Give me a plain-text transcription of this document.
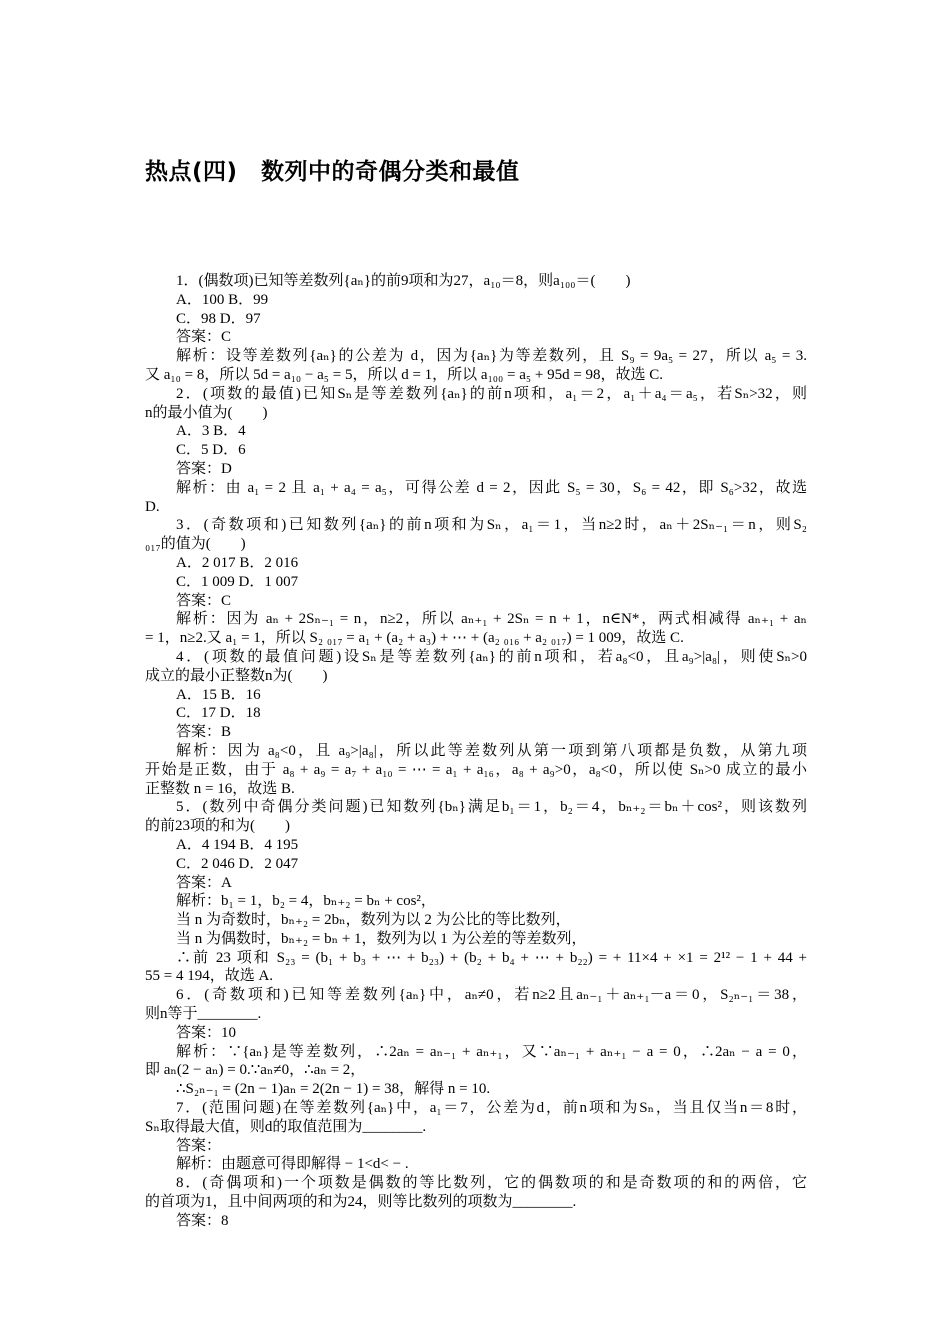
热点(四)　数列中的奇偶分类和最值
1．(偶数项)已知等差数列{aₙ}的前9项和为27，a₁₀＝8，则a₁₀₀＝(　　)
A．100 B．99
C．98 D．97
答案：C
解析：设等差数列{aₙ}的公差为 d，因为{aₙ}为等差数列，且 S₉ = 9a₅ = 27，所以 a₅ = 3.
又 a₁₀ = 8，所以 5d = a₁₀ − a₅ = 5，所以 d = 1，所以 a₁₀₀ = a₅ + 95d = 98，故选 C.
2．(项数的最值)已知Sₙ是等差数列{aₙ}的前n项和，a₁＝2，a₁＋a₄＝a₅，若Sₙ>32，则
n的最小值为(　　)
A．3 B．4
C．5 D．6
答案：D
解析：由 a₁ = 2 且 a₁ + a₄ = a₅，可得公差 d = 2，因此 S₅ = 30，S₆ = 42，即 S₆>32，故选
D.
3．(奇数项和)已知数列{aₙ}的前n项和为Sₙ，a₁＝1，当n≥2时，aₙ＋2Sₙ₋₁＝n，则S₂
₀₁₇的值为(　　)
A．2 017 B．2 016
C．1 009 D．1 007
答案：C
解析：因为 aₙ + 2Sₙ₋₁ = n，n≥2，所以 aₙ₊₁ + 2Sₙ = n + 1，n∈N*，两式相减得 aₙ₊₁ + aₙ
= 1，n≥2.又 a₁ = 1，所以 S₂ ₀₁₇ = a₁ + (a₂ + a₃) + ⋯ + (a₂ ₀₁₆ + a₂ ₀₁₇) = 1 009，故选 C.
4．(项数的最值问题)设Sₙ是等差数列{aₙ}的前n项和，若a₈<0，且a₉>|a₈|，则使Sₙ>0
成立的最小正整数n为(　　)
A．15 B．16
C．17 D．18
答案：B
解析：因为 a₈<0，且 a₉>|a₈|，所以此等差数列从第一项到第八项都是负数，从第九项
开始是正数，由于 a₈ + a₉ = a₇ + a₁₀ = ⋯ = a₁ + a₁₆，a₈ + a₉>0，a₈<0，所以使 Sₙ>0 成立的最小
正整数 n = 16，故选 B.
5．(数列中奇偶分类问题)已知数列{bₙ}满足b₁＝1，b₂＝4，bₙ₊₂＝bₙ＋cos²，则该数列
的前23项的和为(　　)
A．4 194 B．4 195
C．2 046 D．2 047
答案：A
解析：b₁ = 1，b₂ = 4，bₙ₊₂ = bₙ + cos²，
当 n 为奇数时，bₙ₊₂ = 2bₙ，数列为以 2 为公比的等比数列，
当 n 为偶数时，bₙ₊₂ = bₙ + 1，数列为以 1 为公差的等差数列，
∴前 23 项和 S₂₃ = (b₁ + b₃ + ⋯ + b₂₃) + (b₂ + b₄ + ⋯ + b₂₂) = + 11×4 + ×1 = 2¹² − 1 + 44 +
55 = 4 194，故选 A.
6．(奇数项和)已知等差数列{aₙ}中，aₙ≠0，若n≥2且aₙ₋₁＋aₙ₊₁－a＝0，S₂ₙ₋₁＝38，
则n等于________.
答案：10
解析：∵{aₙ}是等差数列，∴2aₙ = aₙ₋₁ + aₙ₊₁，又∵aₙ₋₁ + aₙ₊₁ − a = 0，∴2aₙ − a = 0，
即 aₙ(2 − aₙ) = 0.∵aₙ≠0，∴aₙ = 2，
∴S₂ₙ₋₁ = (2n − 1)aₙ = 2(2n − 1) = 38，解得 n = 10.
7．(范围问题)在等差数列{aₙ}中，a₁＝7，公差为d，前n项和为Sₙ，当且仅当n＝8时，
Sₙ取得最大值，则d的取值范围为________.
答案：
解析：由题意可得即解得 − 1<d< − .
8．(奇偶项和)一个项数是偶数的等比数列，它的偶数项的和是奇数项的和的两倍，它
的首项为1，且中间两项的和为24，则等比数列的项数为________.
答案：8
